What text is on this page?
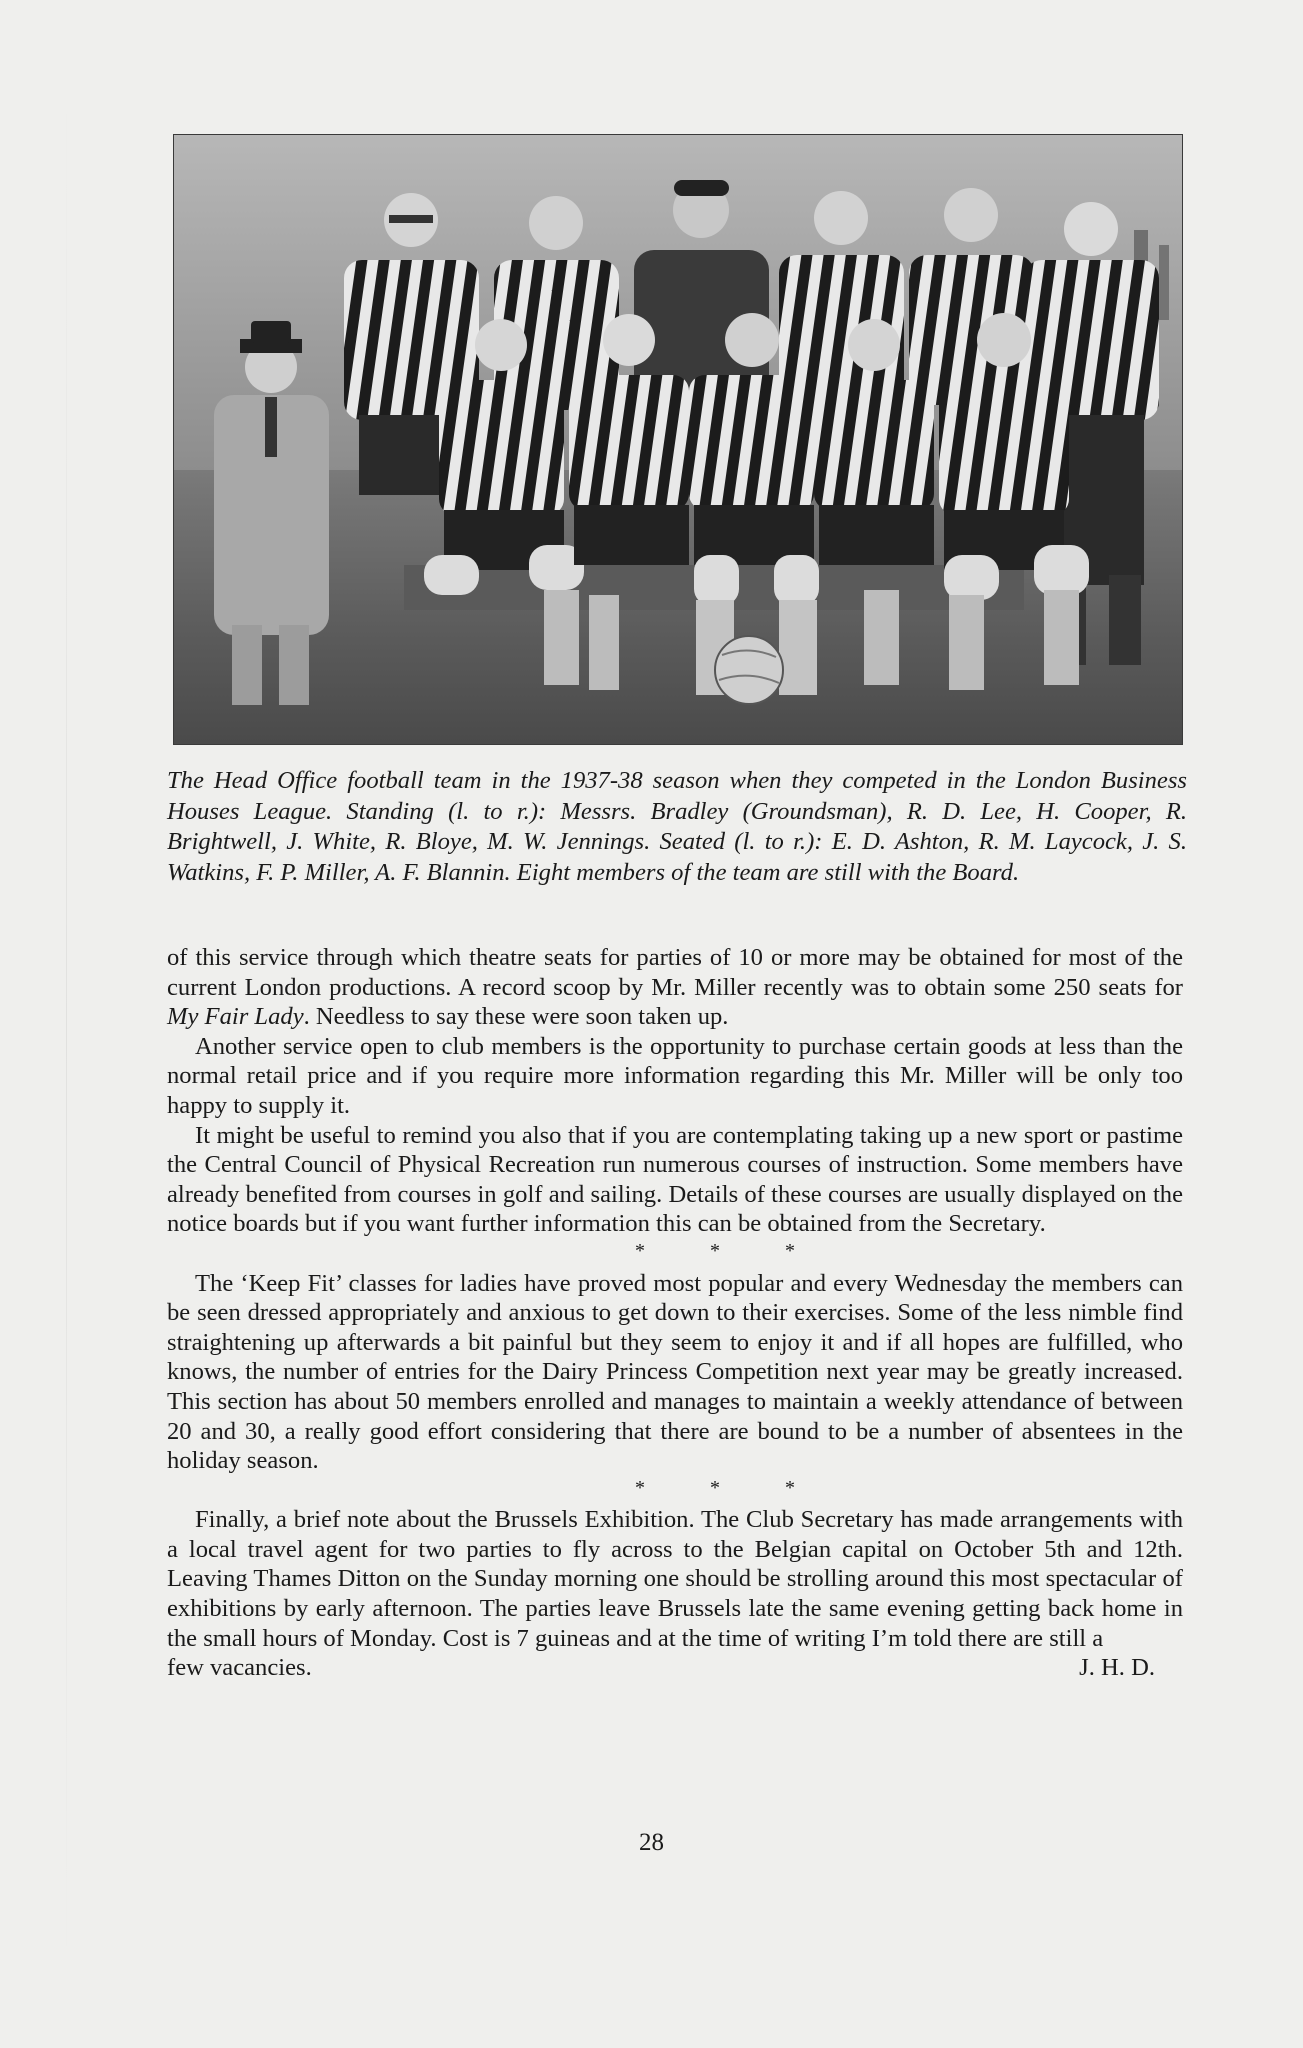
The Head Office football team in the 1937-38 season when they competed in the London Business Houses League. Standing (l. to r.): Messrs. Bradley (Groundsman), R. D. Lee, H. Cooper, R. Brightwell, J. White, R. Bloye, M. W. Jennings. Seated (l. to r.): E. D. Ashton, R. M. Laycock, J. S. Watkins, F. P. Miller, A. F. Blannin. Eight members of the team are still with the Board.

of this service through which theatre seats for parties of 10 or more may be obtained for most of the current London productions. A record scoop by Mr. Miller recently was to obtain some 250 seats for My Fair Lady. Needless to say these were soon taken up.

Another service open to club members is the opportunity to purchase certain goods at less than the normal retail price and if you require more information regarding this Mr. Miller will be only too happy to supply it.

It might be useful to remind you also that if you are contemplating taking up a new sport or pastime the Central Council of Physical Recreation run numerous courses of instruction. Some members have already benefited from courses in golf and sailing. Details of these courses are usually displayed on the notice boards but if you want further information this can be obtained from the Secretary.

* * *

The ‘Keep Fit’ classes for ladies have proved most popular and every Wednesday the members can be seen dressed appropriately and anxious to get down to their exercises. Some of the less nimble find straightening up afterwards a bit painful but they seem to enjoy it and if all hopes are fulfilled, who knows, the number of entries for the Dairy Princess Competition next year may be greatly increased. This section has about 50 members enrolled and manages to maintain a weekly attendance of between 20 and 30, a really good effort considering that there are bound to be a number of absentees in the holiday season.

* * *

Finally, a brief note about the Brussels Exhibition. The Club Secretary has made arrangements with a local travel agent for two parties to fly across to the Belgian capital on October 5th and 12th. Leaving Thames Ditton on the Sunday morning one should be strolling around this most spectacular of exhibitions by early afternoon. The parties leave Brussels late the same evening getting back home in the small hours of Monday. Cost is 7 guineas and at the time of writing I’m told there are still a

few vacancies.	J. H. D.
28
